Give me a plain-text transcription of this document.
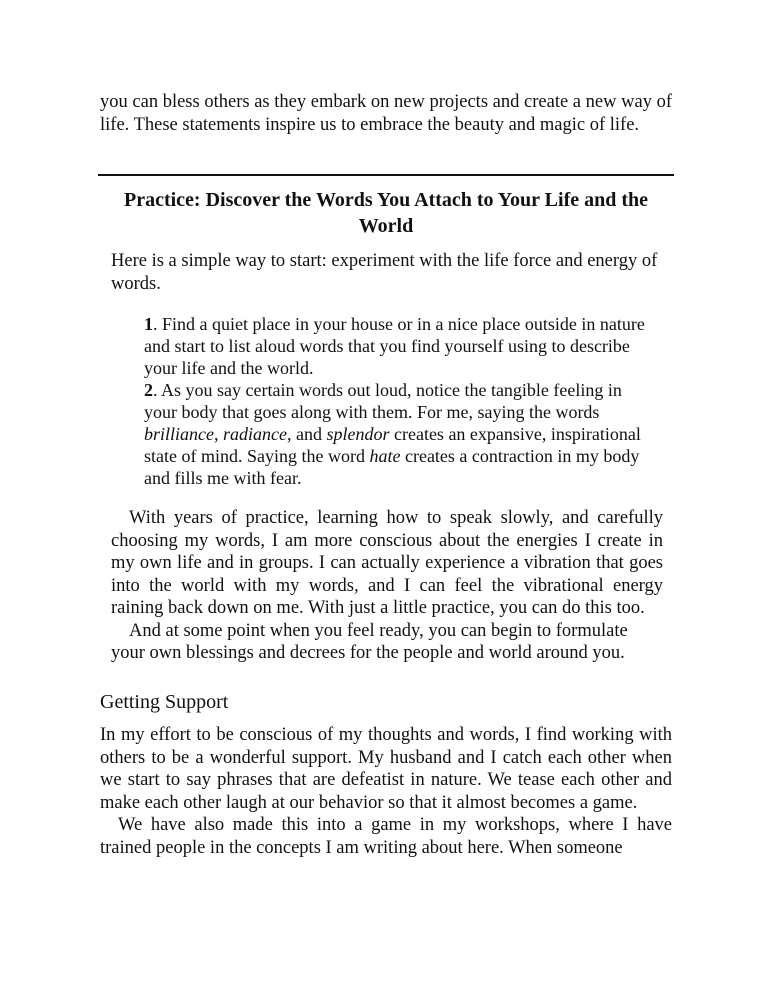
you can bless others as they embark on new projects and create a new way of life. These statements inspire us to embrace the beauty and magic of life.

Practice: Discover the Words You Attach to Your Life and the World

Here is a simple way to start: experiment with the life force and energy of words.

1. Find a quiet place in your house or in a nice place outside in nature and start to list aloud words that you find yourself using to describe your life and the world.

2. As you say certain words out loud, notice the tangible feeling in your body that goes along with them. For me, saying the words brilliance, radiance, and splendor creates an expansive, inspirational state of mind. Saying the word hate creates a contraction in my body and fills me with fear.

With years of practice, learning how to speak slowly, and carefully choosing my words, I am more conscious about the energies I create in my own life and in groups. I can actually experience a vibration that goes into the world with my words, and I can feel the vibrational energy raining back down on me. With just a little practice, you can do this too.

And at some point when you feel ready, you can begin to formulate your own blessings and decrees for the people and world around you.

Getting Support

In my effort to be conscious of my thoughts and words, I find working with others to be a wonderful support. My husband and I catch each other when we start to say phrases that are defeatist in nature. We tease each other and make each other laugh at our behavior so that it almost becomes a game.

We have also made this into a game in my workshops, where I have trained people in the concepts I am writing about here. When someone
